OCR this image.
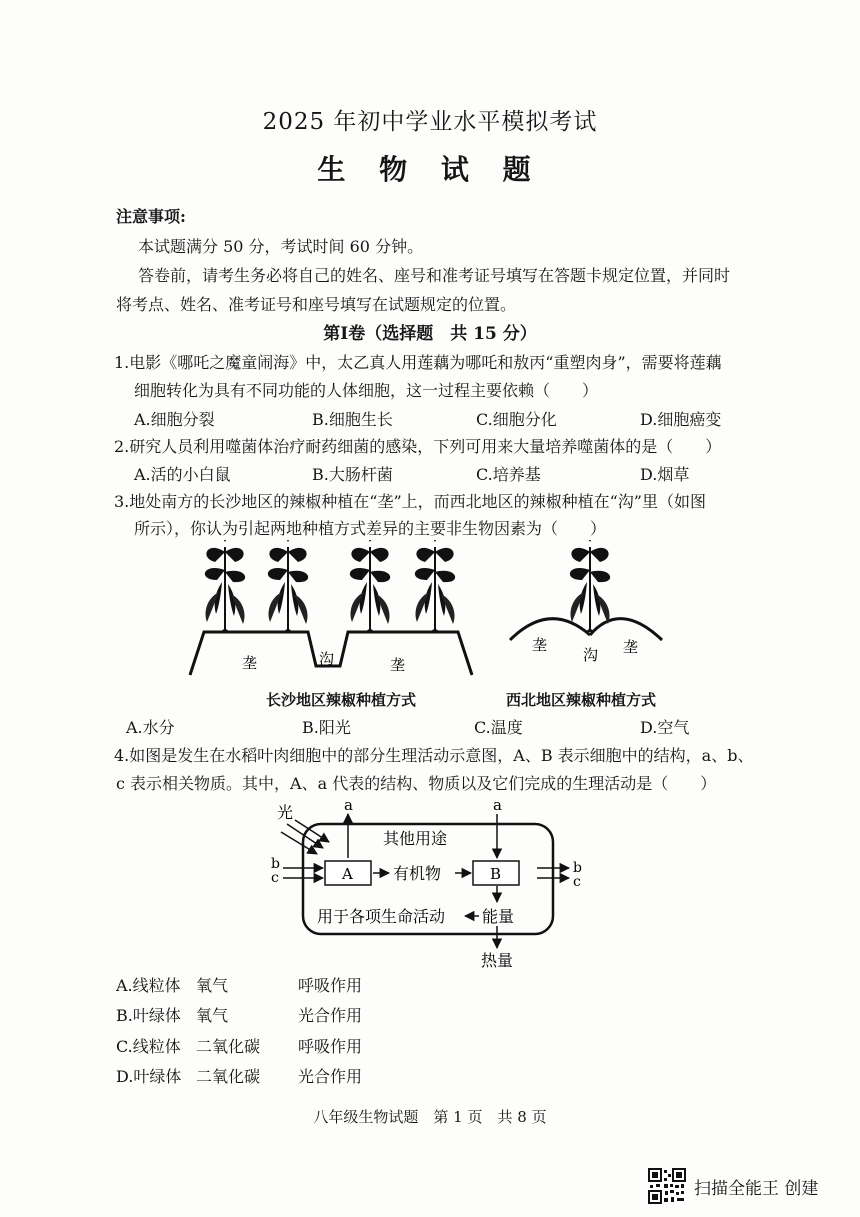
2025 年初中学业水平模拟考试
生 物 试 题
注意事项:
本试题满分 50 分，考试时间 60 分钟。
答卷前，请考生务必将自己的姓名、座号和准考证号填写在答题卡规定位置，并同时
将考点、姓名、准考证号和座号填写在试题规定的位置。
第Ⅰ卷（选择题　共 15 分）
1.电影《哪吒之魔童闹海》中，太乙真人用莲藕为哪吒和敖丙“重塑肉身”，需要将莲藕
细胞转化为具有不同功能的人体细胞，这一过程主要依赖（　　）
A.细胞分裂	B.细胞生长	C.细胞分化	D.细胞癌变
2.研究人员利用噬菌体治疗耐药细菌的感染，下列可用来大量培养噬菌体的是（　　）
A.活的小白鼠	B.大肠杆菌	C.培养基	D.烟草
3.地处南方的长沙地区的辣椒种植在“垄”上，而西北地区的辣椒种植在“沟”里（如图
所示），你认为引起两地种植方式差异的主要非生物因素为（　　）
垄	沟	垄
垄
沟 垄
长沙地区辣椒种植方式	西北地区辣椒种植方式
A.水分	B.阳光	C.温度	D.空气
4.如图是发生在水稻叶肉细胞中的部分生理活动示意图，A、B 表示细胞中的结构，a、b、
c 表示相关物质。其中，A、a 代表的结构、物质以及它们完成的生理活动是（　　）
光	a	a
其他用途
b
c	A	有机物	B	b
c
用于各项生命活动 能量
热量
A.线粒体 氧气	呼吸作用
B.叶绿体 氧气	光合作用
C.线粒体 二氧化碳 呼吸作用
D.叶绿体 二氧化碳 光合作用
八年级生物试题　第 1 页　共 8 页
扫描全能王 创建
